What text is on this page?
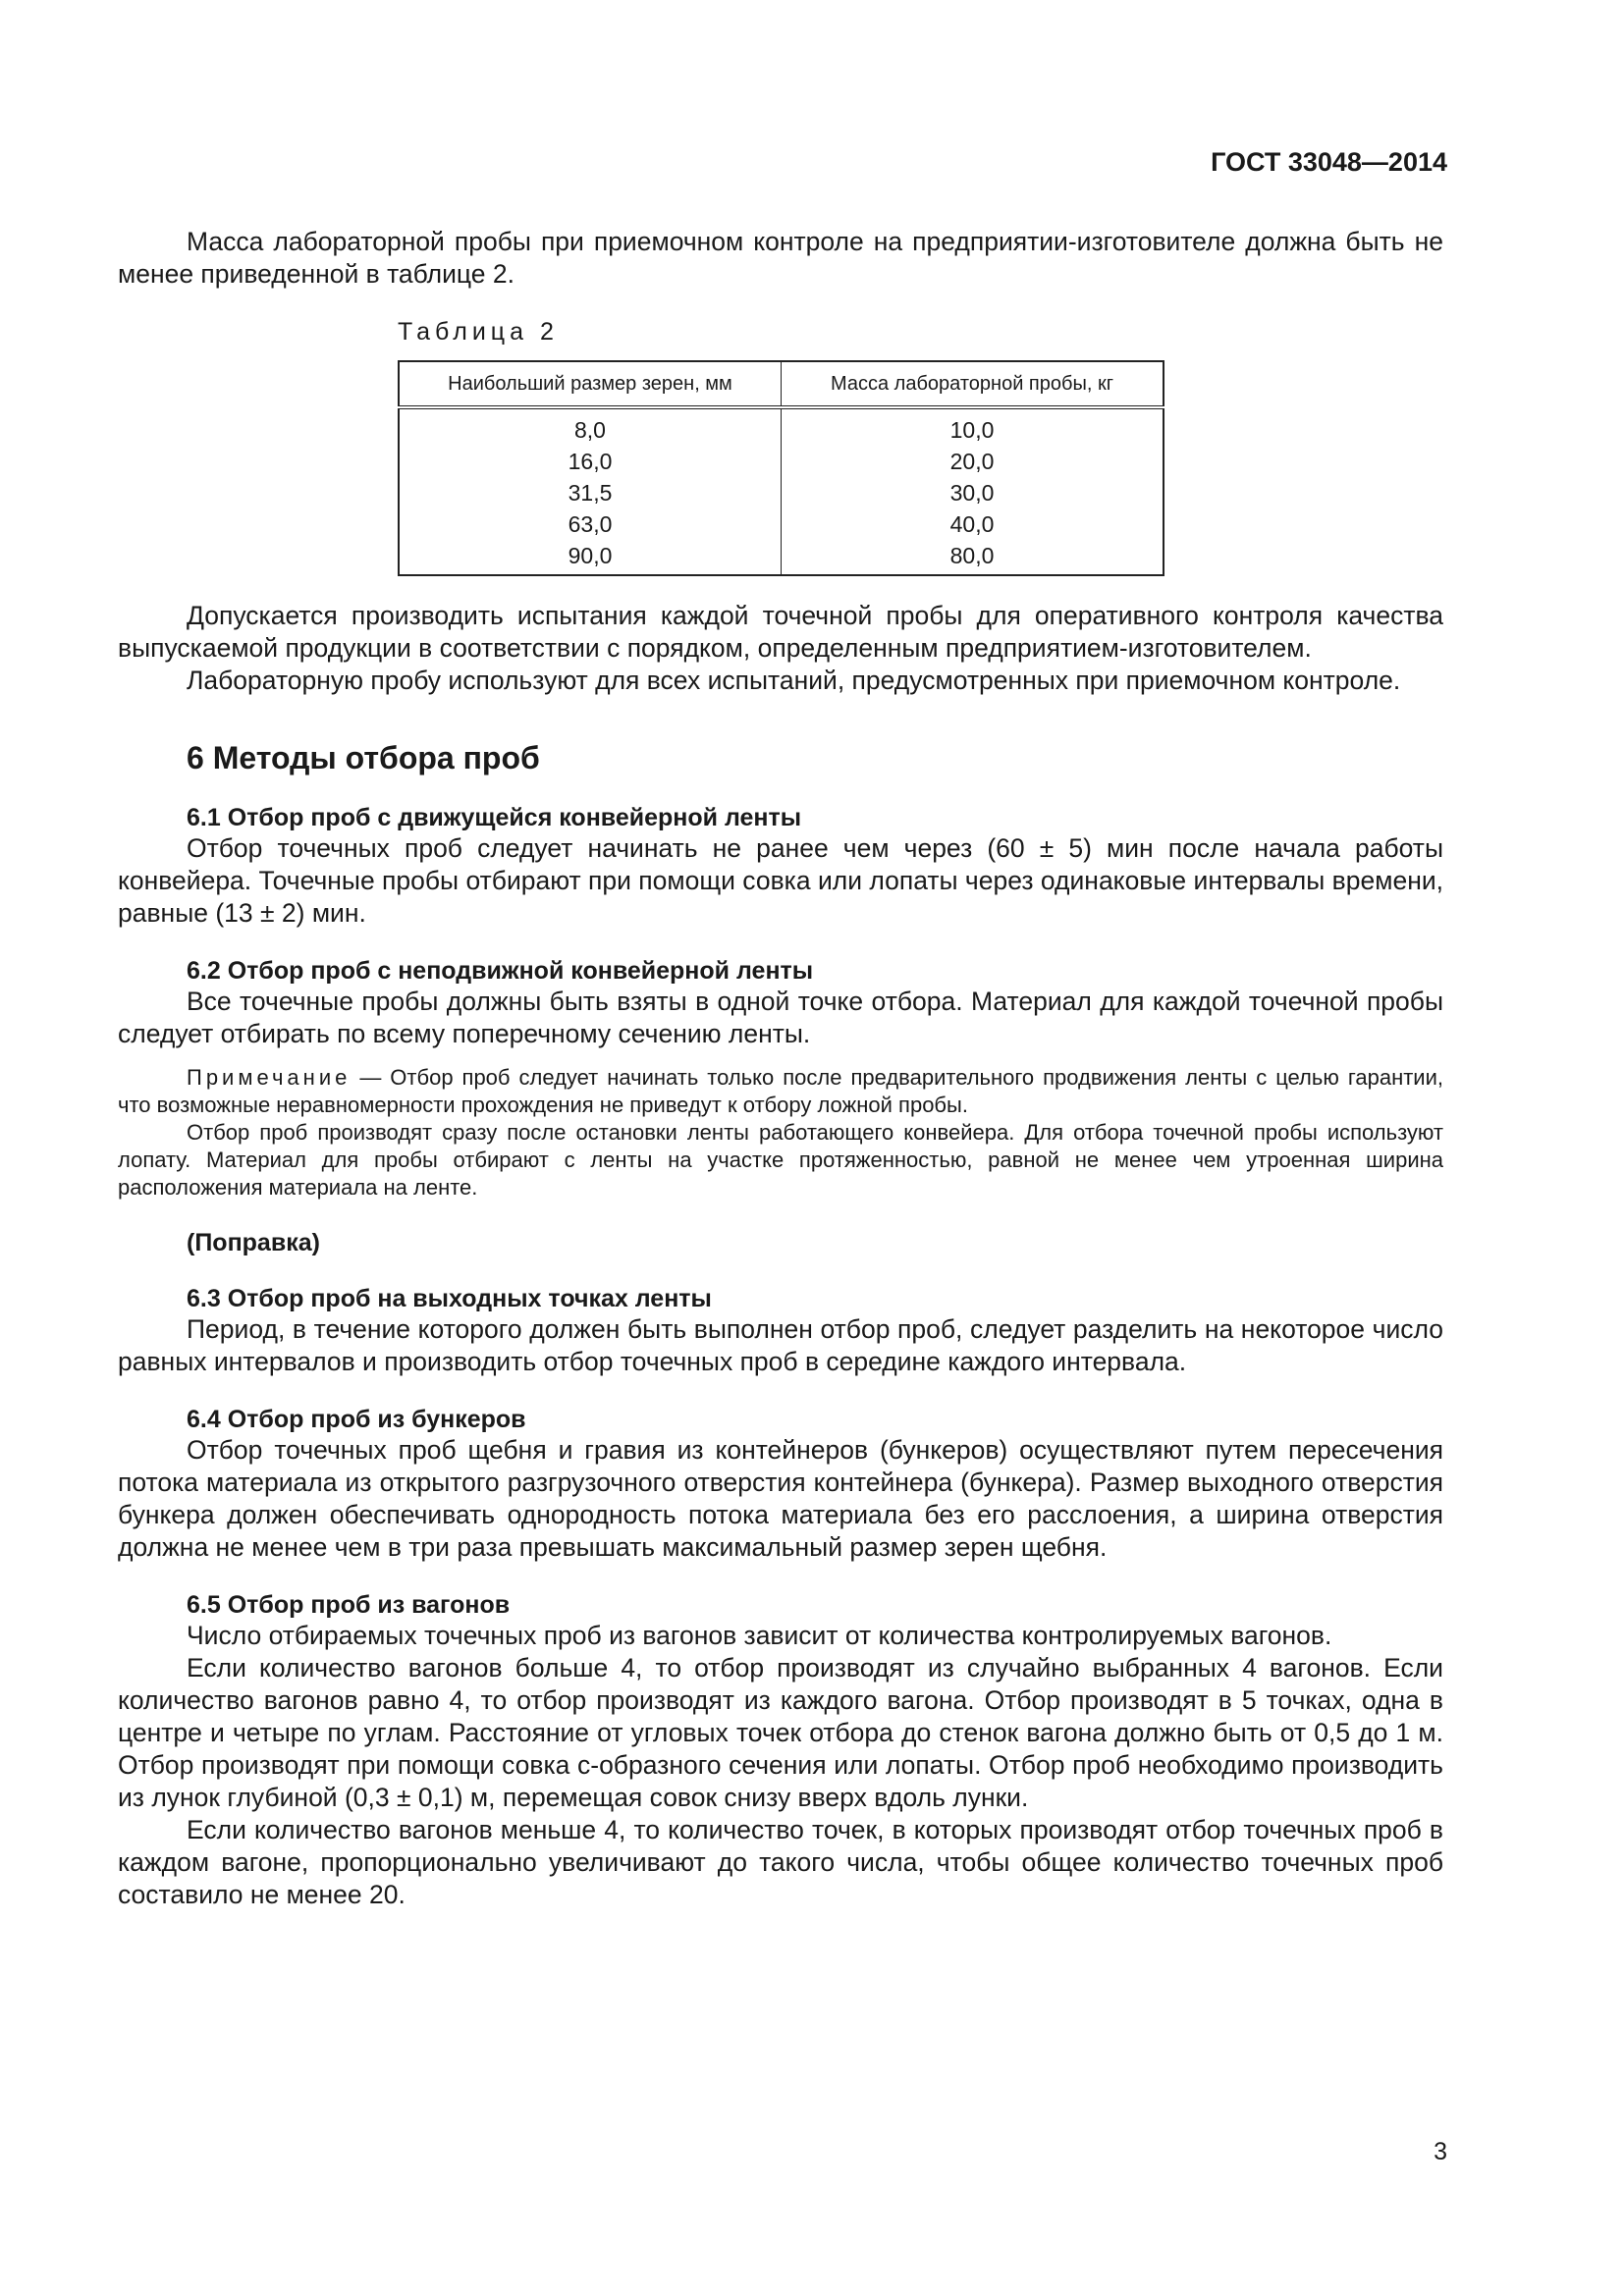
ГОСТ 33048—2014

Масса лабораторной пробы при приемочном контроле на предприятии-изготовителе должна быть не менее приведенной в таблице 2.

Таблица 2
Наибольший размер зерен, мм	Масса лабораторной пробы, кг
8,0	10,0
16,0	20,0
31,5	30,0
63,0	40,0
90,0	80,0

Допускается производить испытания каждой точечной пробы для оперативного контроля качества выпускаемой продукции в соответствии с порядком, определенным предприятием-изготовителем.

Лабораторную пробу используют для всех испытаний, предусмотренных при приемочном контроле.

6 Методы отбора проб
6.1 Отбор проб с движущейся конвейерной ленты

Отбор точечных проб следует начинать не ранее чем через (60 ± 5) мин после начала работы конвейера. Точечные пробы отбирают при помощи совка или лопаты через одинаковые интервалы времени, равные (13 ± 2) мин.

6.2 Отбор проб с неподвижной конвейерной ленты

Все точечные пробы должны быть взяты в одной точке отбора. Материал для каждой точечной пробы следует отбирать по всему поперечному сечению ленты.

Примечание — Отбор проб следует начинать только после предварительного продвижения ленты с целью гарантии, что возможные неравномерности прохождения не приведут к отбору ложной пробы.

Отбор проб производят сразу после остановки ленты работающего конвейера. Для отбора точечной пробы используют лопату. Материал для пробы отбирают с ленты на участке протяженностью, равной не менее чем утроенная ширина расположения материала на ленте.

(Поправка)
6.3 Отбор проб на выходных точках ленты

Период, в течение которого должен быть выполнен отбор проб, следует разделить на некоторое число равных интервалов и производить отбор точечных проб в середине каждого интервала.

6.4 Отбор проб из бункеров

Отбор точечных проб щебня и гравия из контейнеров (бункеров) осуществляют путем пересечения потока материала из открытого разгрузочного отверстия контейнера (бункера). Размер выходного отверстия бункера должен обеспечивать однородность потока материала без его расслоения, а ширина отверстия должна не менее чем в три раза превышать максимальный размер зерен щебня.

6.5 Отбор проб из вагонов

Число отбираемых точечных проб из вагонов зависит от количества контролируемых вагонов.

Если количество вагонов больше 4, то отбор производят из случайно выбранных 4 вагонов. Если количество вагонов равно 4, то отбор производят из каждого вагона. Отбор производят в 5 точках, одна в центре и четыре по углам. Расстояние от угловых точек отбора до стенок вагона должно быть от 0,5 до 1 м. Отбор производят при помощи совка с-образного сечения или лопаты. Отбор проб необходимо производить из лунок глубиной (0,3 ± 0,1) м, перемещая совок снизу вверх вдоль лунки.

Если количество вагонов меньше 4, то количество точек, в которых производят отбор точечных проб в каждом вагоне, пропорционально увеличивают до такого числа, чтобы общее количество точечных проб составило не менее 20.

3
